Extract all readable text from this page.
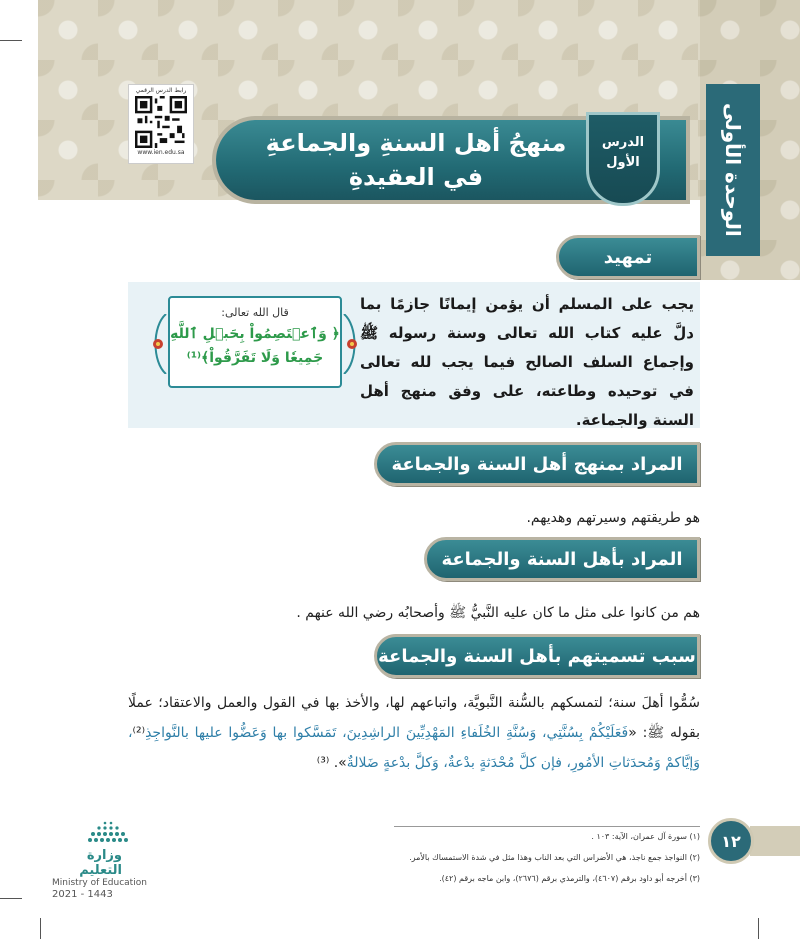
الوحدة الأولى
رابط الدرس الرقمي
www.ien.edu.sa	منهجُ أهل السنةِ والجماعةِ
في العقيدةِ
الدرس
الأول
تمهيد
يجب على المسلم أن يؤمن إيمانًا جازمًا بما دلَّ عليه كتاب الله تعالى وسنة رسوله ﷺ وإجماع السلف الصالح فيما يجب لله تعالى في توحيده وطاعته، على وفق منهج أهل السنة والجماعة.
قال الله تعالى:
﴿ وَٱعۡتَصِمُواْ بِحَبۡلِ ٱللَّهِ
جَمِيعٗا وَلَا تَفَرَّقُواْ﴾⁽¹⁾
المراد بمنهج أهل السنة والجماعة
هو طريقتهم وسيرتهم وهديهم.
المراد بأهل السنة والجماعة
هم من كانوا على مثل ما كان عليه النَّبيُّ ﷺ وأصحابُه رضي الله عنهم .
سبب تسميتهم بأهل السنة والجماعة
سُمُّوا أهلَ سنة؛ لتمسكهم بالسُّنة النَّبويَّة، واتباعهم لها، والأخذ بها في القول والعمل والاعتقاد؛ عملًا بقوله ﷺ: «فَعَلَيْكُمْ بِسُنَّتِي، وَسُنَّةِ الخُلَفاءِ المَهْدِيِّينَ الراشِدِينَ، تَمَسَّكوا بها وَعَضُّوا عليها بالنَّواجِذِ⁽²⁾، وَإيَّاكمْ وَمُحدَثاتِ الأمُورِ، فإن كلَّ مُحْدَثةٍ بدْعةٌ، وَكلَّ بدْعةٍ ضَلالةٌ». ⁽³⁾
(١) سورة آل عمران، الآية: ١٠٣ .
(٢) النواجذ جمع ناجذ، هي الأضراس التي بعد الناب وهذا مثل في شدة الاستمساك بالأمر.
(٣) أخرجه أبو داود برقم (٤٦٠٧)، والترمذي برقم (٢٦٧٦)، وابن ماجه برقم (٤٢).
١٢
وزارة التعليم
Ministry of Education
2021 - 1443
